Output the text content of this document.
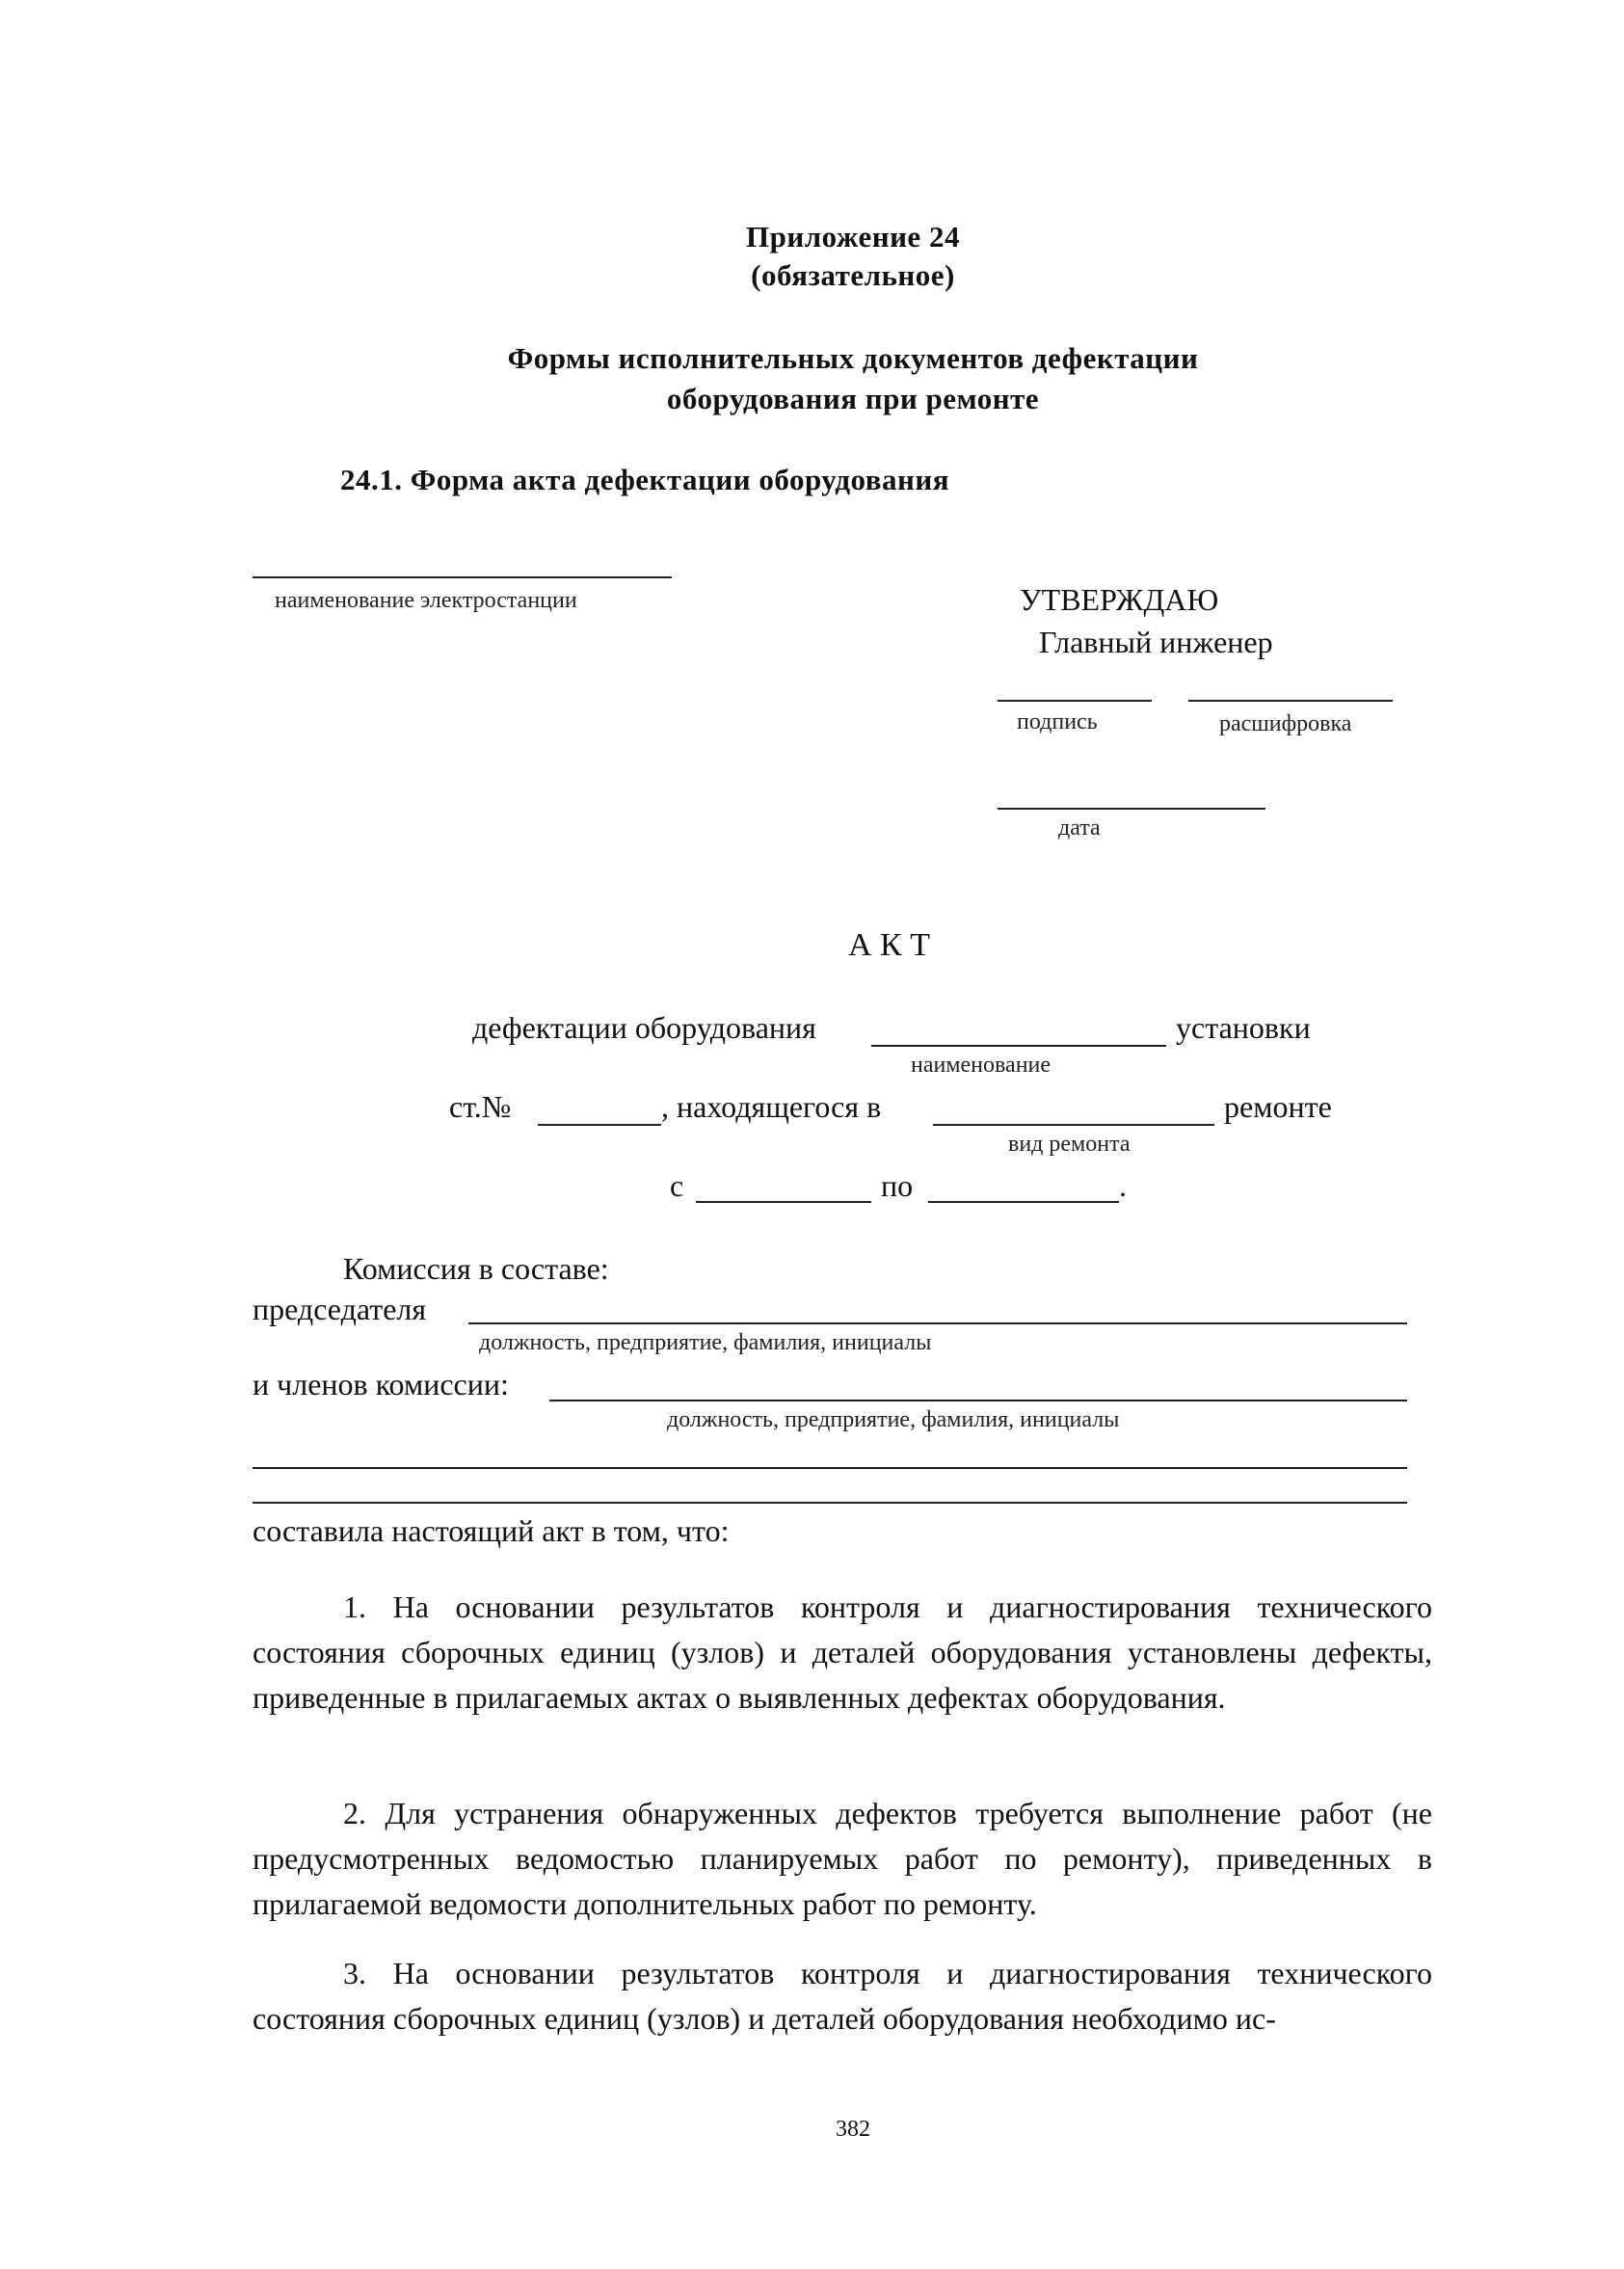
Приложение 24
(обязательное)
Формы исполнительных документов дефектации
оборудования при ремонте
24.1. Форма акта дефектации оборудования
наименование электростанции	УТВЕРЖДАЮ
Главный инженер
подпись	расшифровка
дата
А К Т
дефектации оборудования	установки
наименование
ст.№	, находящегося в	ремонте
вид ремонта
с	по	.
Комиссия в составе:
председателя
должность, предприятие, фамилия, инициалы
и членов комиссии:
должность, предприятие, фамилия, инициалы
составила настоящий акт в том, что:
1. На основании результатов контроля и диагностирования технического состояния сборочных единиц (узлов) и деталей оборудования установлены дефекты, приведенные в прилагаемых актах о выявленных дефектах оборудования.
2. Для устранения обнаруженных дефектов требуется выполнение работ (не предусмотренных ведомостью планируемых работ по ремонту), приведенных в прилагаемой ведомости дополнительных работ по ремонту.
3. На основании результатов контроля и диагностирования технического состояния сборочных единиц (узлов) и деталей оборудования необходимо ис-
382
